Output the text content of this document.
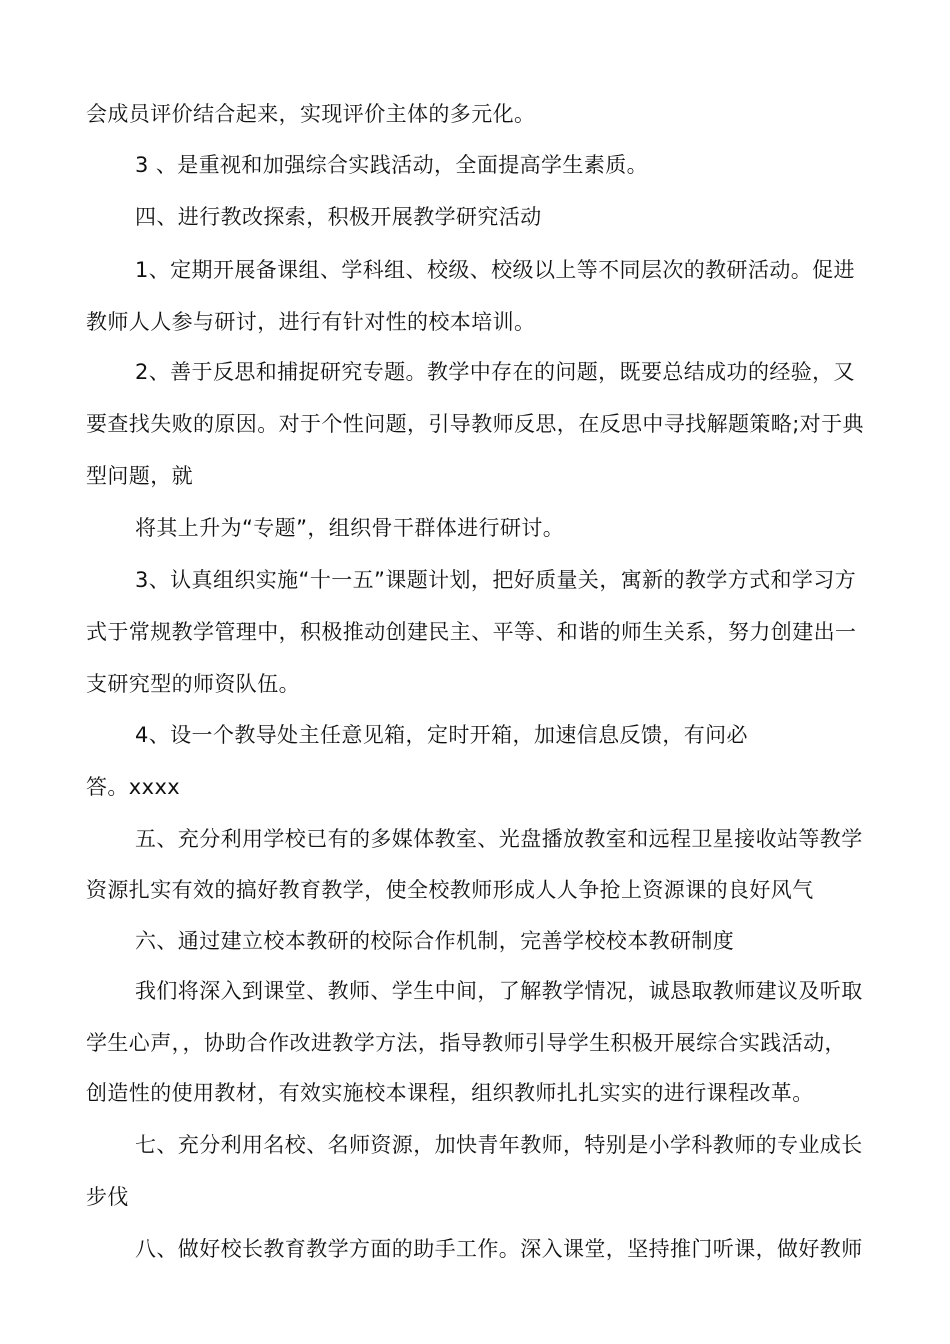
会成员评价结合起来，实现评价主体的多元化。
3 、是重视和加强综合实践活动，全面提高学生素质。
四、进行教改探索，积极开展教学研究活动
1、定期开展备课组、学科组、校级、校级以上等不同层次的教研活动。促进
教师人人参与研讨，进行有针对性的校本培训。
2、善于反思和捕捉研究专题。教学中存在的问题，既要总结成功的经验，又
要查找失败的原因。对于个性问题，引导教师反思，在反思中寻找解题策略;对于典
型问题，就
将其上升为“专题”，组织骨干群体进行研讨。
3、认真组织实施“十一五”课题计划，把好质量关，寓新的教学方式和学习方
式于常规教学管理中，积极推动创建民主、平等、和谐的师生关系，努力创建出一
支研究型的师资队伍。
4、设一个教导处主任意见箱，定时开箱，加速信息反馈，有问必
答。xxxx
五、充分利用学校已有的多媒体教室、光盘播放教室和远程卫星接收站等教学
资源扎实有效的搞好教育教学，使全校教师形成人人争抢上资源课的良好风气
六、通过建立校本教研的校际合作机制，完善学校校本教研制度
我们将深入到课堂、教师、学生中间，了解教学情况，诚恳取教师建议及听取
学生心声，，协助合作改进教学方法，指导教师引导学生积极开展综合实践活动，
创造性的使用教材，有效实施校本课程，组织教师扎扎实实的进行课程改革。
七、充分利用名校、名师资源，加快青年教师，特别是小学科教师的专业成长
步伐
八、做好校长教育教学方面的助手工作。深入课堂，坚持推门听课，做好教师
